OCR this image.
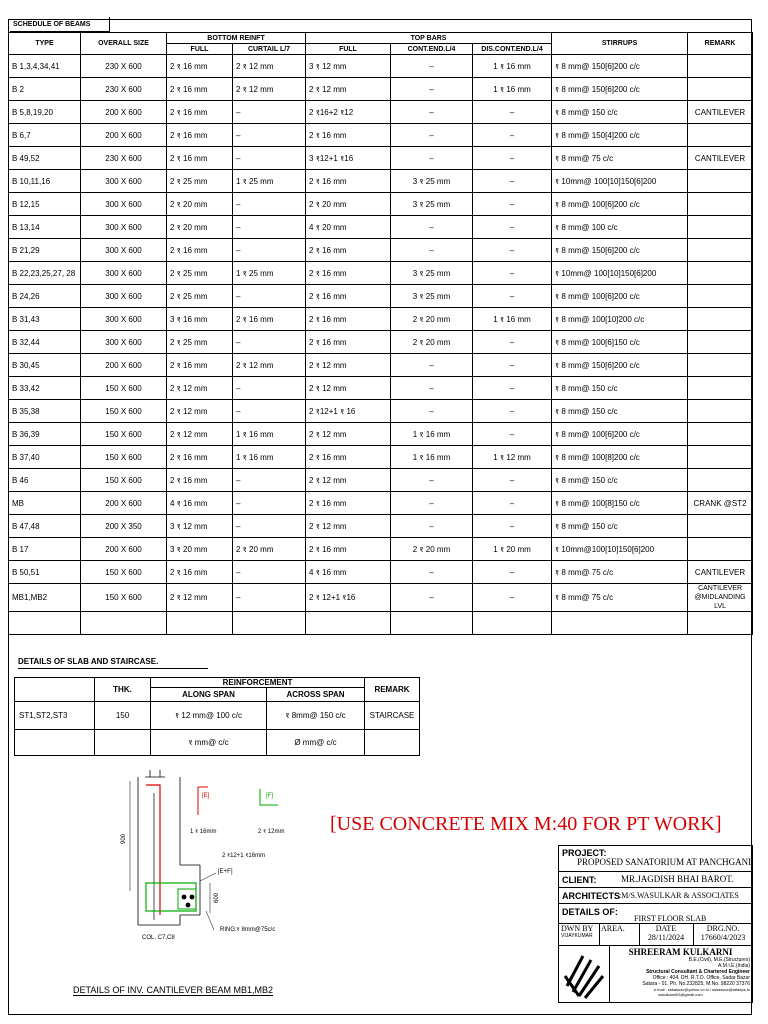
SCHEDULE OF BEAMS
TYPE	OVERALL SIZE	BOTTOM REINFT		TOP BARS			STIRRUPS	REMARK
		FULL	CURTAIL L/7	FULL	CONT.END.L/4	DIS.CONT.END.L/4		
B 1,3,4,34,41	230 X 600	2 १ 16 mm	2 १ 12 mm	3 १ 12 mm	–	1 १ 16 mm	१ 8 mm@ 150[6]200 c/c	
B 2	230 X 600	2 १ 16 mm	2 १ 12 mm	2 १ 12 mm	–	1 १ 16 mm	१ 8 mm@ 150[6]200 c/c	
B 5,8,19,20	200 X 600	2 १ 16 mm	–	2 १16+2 १12	–	–	१ 8 mm@ 150 c/c	CANTILEVER
B 6,7	200 X 600	2 १ 16 mm	–	2 १ 16 mm	–	–	१ 8 mm@ 150[4]200 c/c	
B 49,52	230 X 600	2 १ 16 mm	–	3 १12+1 १16	–	–	१ 8 mm@ 75 c/c	CANTILEVER
B 10,11,16	300 X 600	2 १ 25 mm	1 १ 25 mm	2 १ 16 mm	3 १ 25 mm	–	१ 10mm@ 100[10]150[6]200	
B 12,15	300 X 600	2 १ 20 mm	–	2 १ 20 mm	3 १ 25 mm	–	१ 8 mm@ 100[6]200 c/c	
B 13,14	300 X 600	2 १ 20 mm	–	4 १ 20 mm	–	–	१ 8 mm@ 100 c/c	
B 21,29	300 X 600	2 १ 16 mm	–	2 १ 16 mm	–	–	१ 8 mm@ 150[6]200 c/c	
B 22,23,25,27, 28	300 X 600	2 १ 25 mm	1 १ 25 mm	2 १ 16 mm	3 १ 25 mm	–	१ 10mm@ 100[10]150[6]200	
B 24,26	300 X 600	2 १ 25 mm	–	2 १ 16 mm	3 १ 25 mm	–	१ 8 mm@ 100[6]200 c/c	
B 31,43	300 X 600	3 १ 16 mm	2 १ 16 mm	2 १ 16 mm	2 १ 20 mm	1 १ 16 mm	१ 8 mm@ 100[10]200 c/c	
B 32,44	300 X 600	2 १ 25 mm	–	2 १ 16 mm	2 १ 20 mm	–	१ 8 mm@ 100[6]150 c/c	
B 30,45	200 X 600	2 १ 16 mm	2 १ 12 mm	2 १ 12 mm	–	–	१ 8 mm@ 150[6]200 c/c	
B 33,42	150 X 600	2 १ 12 mm	–	2 १ 12 mm	–	–	१ 8 mm@ 150 c/c	
B 35,38	150 X 600	2 १ 12 mm	–	2 १12+1 १ 16	–	–	१ 8 mm@ 150 c/c	
B 36,39	150 X 600	2 १ 12 mm	1 १ 16 mm	2 १ 12 mm	1 १ 16 mm	–	१ 8 mm@ 100[6]200 c/c	
B 37,40	150 X 600	2 १ 16 mm	1 १ 16 mm	2 १ 16 mm	1 १ 16 mm	1 १ 12 mm	१ 8 mm@ 100[8]200 c/c	
B 46	150 X 600	2 १ 16 mm	–	2 १ 12 mm	–	–	१ 8 mm@ 150 c/c	
MB	200 X 600	4 १ 16 mm	–	2 १ 16 mm	–	–	१ 8 mm@ 100[8]150 c/c	CRANK @ST2
B 47,48	200 X 350	3 १ 12 mm	–	2 १ 12 mm	–	–	१ 8 mm@ 150 c/c	
B 17	200 X 600	3 १ 20 mm	2 १ 20 mm	2 १ 16 mm	2 १ 20 mm	1 १ 20 mm	१ 10mm@100[10]150[6]200	
B 50,51	150 X 600	2 १ 16 mm	–	4 १ 16 mm	–	–	१ 8 mm@ 75 c/c	CANTILEVER
MB1,MB2	150 X 600	2 १ 12 mm	–	2 १ 12+1 १16	–	–	१ 8 mm@ 75 c/c	CANTILEVER @MIDLANDING LVL

DETAILS OF SLAB AND STAIRCASE.
	THK.	REINFORCEMENT		REMARK
		ALONG SPAN	ACROSS SPAN	
ST1,ST2,ST3	150	१ 12 mm@ 100 c/c	१ 8mm@ 150 c/c	STAIRCASE
		१ mm@ c/c	Ø mm@ c/c	
[E]	[F]
1 १ 16mm	2 १ 12mm
900
600
2 १12+1 १16mm
[E+F]
RING:१ 8mm@75c/c
COL. C7,C8
DETAILS OF INV. CANTILEVER BEAM MB1,MB2
[USE CONCRETE MIX M:40 FOR PT WORK]
PROJECT:
PROPOSED SANATORIUM AT PANCHGANI
CLIENT:	MR.JAGDISH BHAI BAROT.
ARCHITECTS :M/S.WASULKAR & ASSOCIATES
DETAILS OF:
FIRST FLOOR SLAB
DWN BY
VIJAYKUMAR
AREA.	DATE
28/11/2024
DRG.NO.
17660/4/2023
SHREERAM KULKARNI
B.E.(Civil), M.E.(Structures)
A.M.I.E.(India)
Structural Consultant & Chartered Engineer
Office : 404, DH. R.T.O. Office, Sadar Bazar
Satara - 01. Ph. No.232825, M.No. 98220 37376
e.mail : sskassoc@yahoo.co.in / sskassoc@tataeps.in
sskulkarni03@gmail.com
